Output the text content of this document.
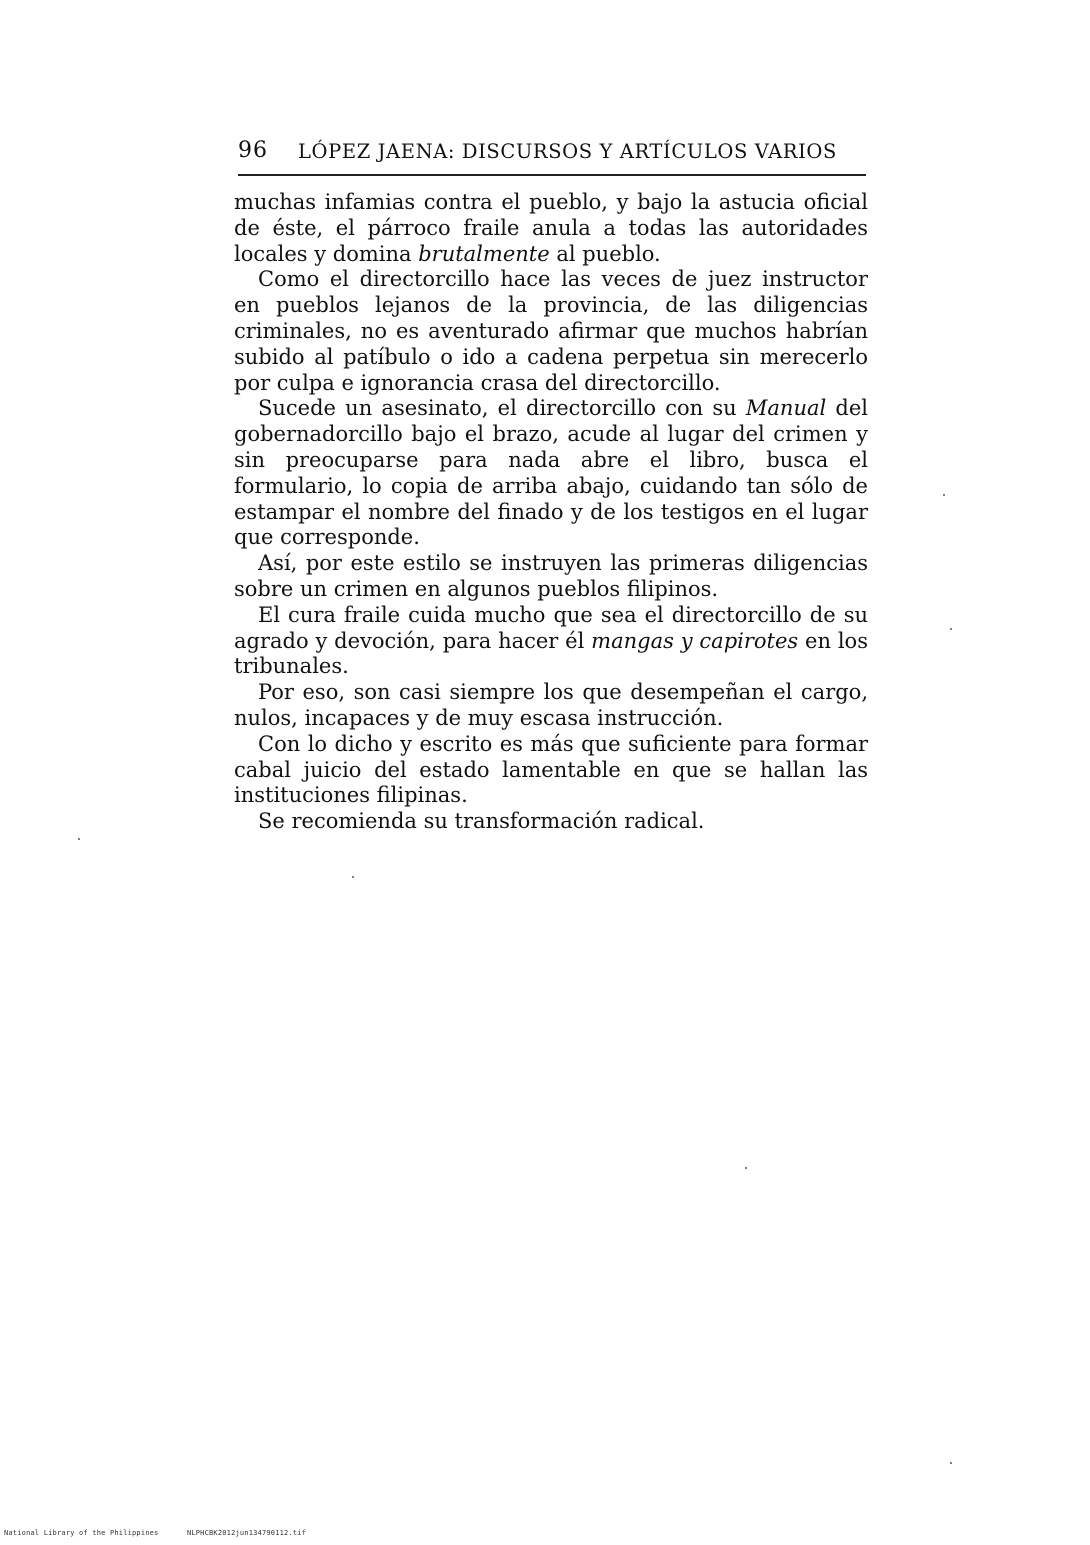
96 LÓPEZ JAENA: DISCURSOS Y ARTÍCULOS VARIOS

muchas infamias contra el pueblo, y bajo la astucia oficial de éste, el párroco fraile anula a todas las autoridades locales y domina brutalmente al pueblo.

Como el directorcillo hace las veces de juez instructor en pueblos lejanos de la provincia, de las diligencias criminales, no es aventurado afirmar que muchos habrían subido al patíbulo o ido a cadena perpetua sin merecerlo por culpa e ignorancia crasa del directorcillo.

Sucede un asesinato, el directorcillo con su Manual del gobernadorcillo bajo el brazo, acude al lugar del crimen y sin preocuparse para nada abre el libro, busca el formulario, lo copia de arriba abajo, cuidando tan sólo de estampar el nombre del finado y de los testigos en el lugar que corresponde.

Así, por este estilo se instruyen las primeras diligencias sobre un crimen en algunos pueblos filipinos.

El cura fraile cuida mucho que sea el directorcillo de su agrado y devoción, para hacer él mangas y capirotes en los tribunales.

Por eso, son casi siempre los que desempeñan el cargo, nulos, incapaces y de muy escasa instrucción.

Con lo dicho y escrito es más que suficiente para formar cabal juicio del estado lamentable en que se hallan las instituciones filipinas.

Se recomienda su transformación radical.

National Library of the Philippines	NLPHCBK2012jun134790112.tif
